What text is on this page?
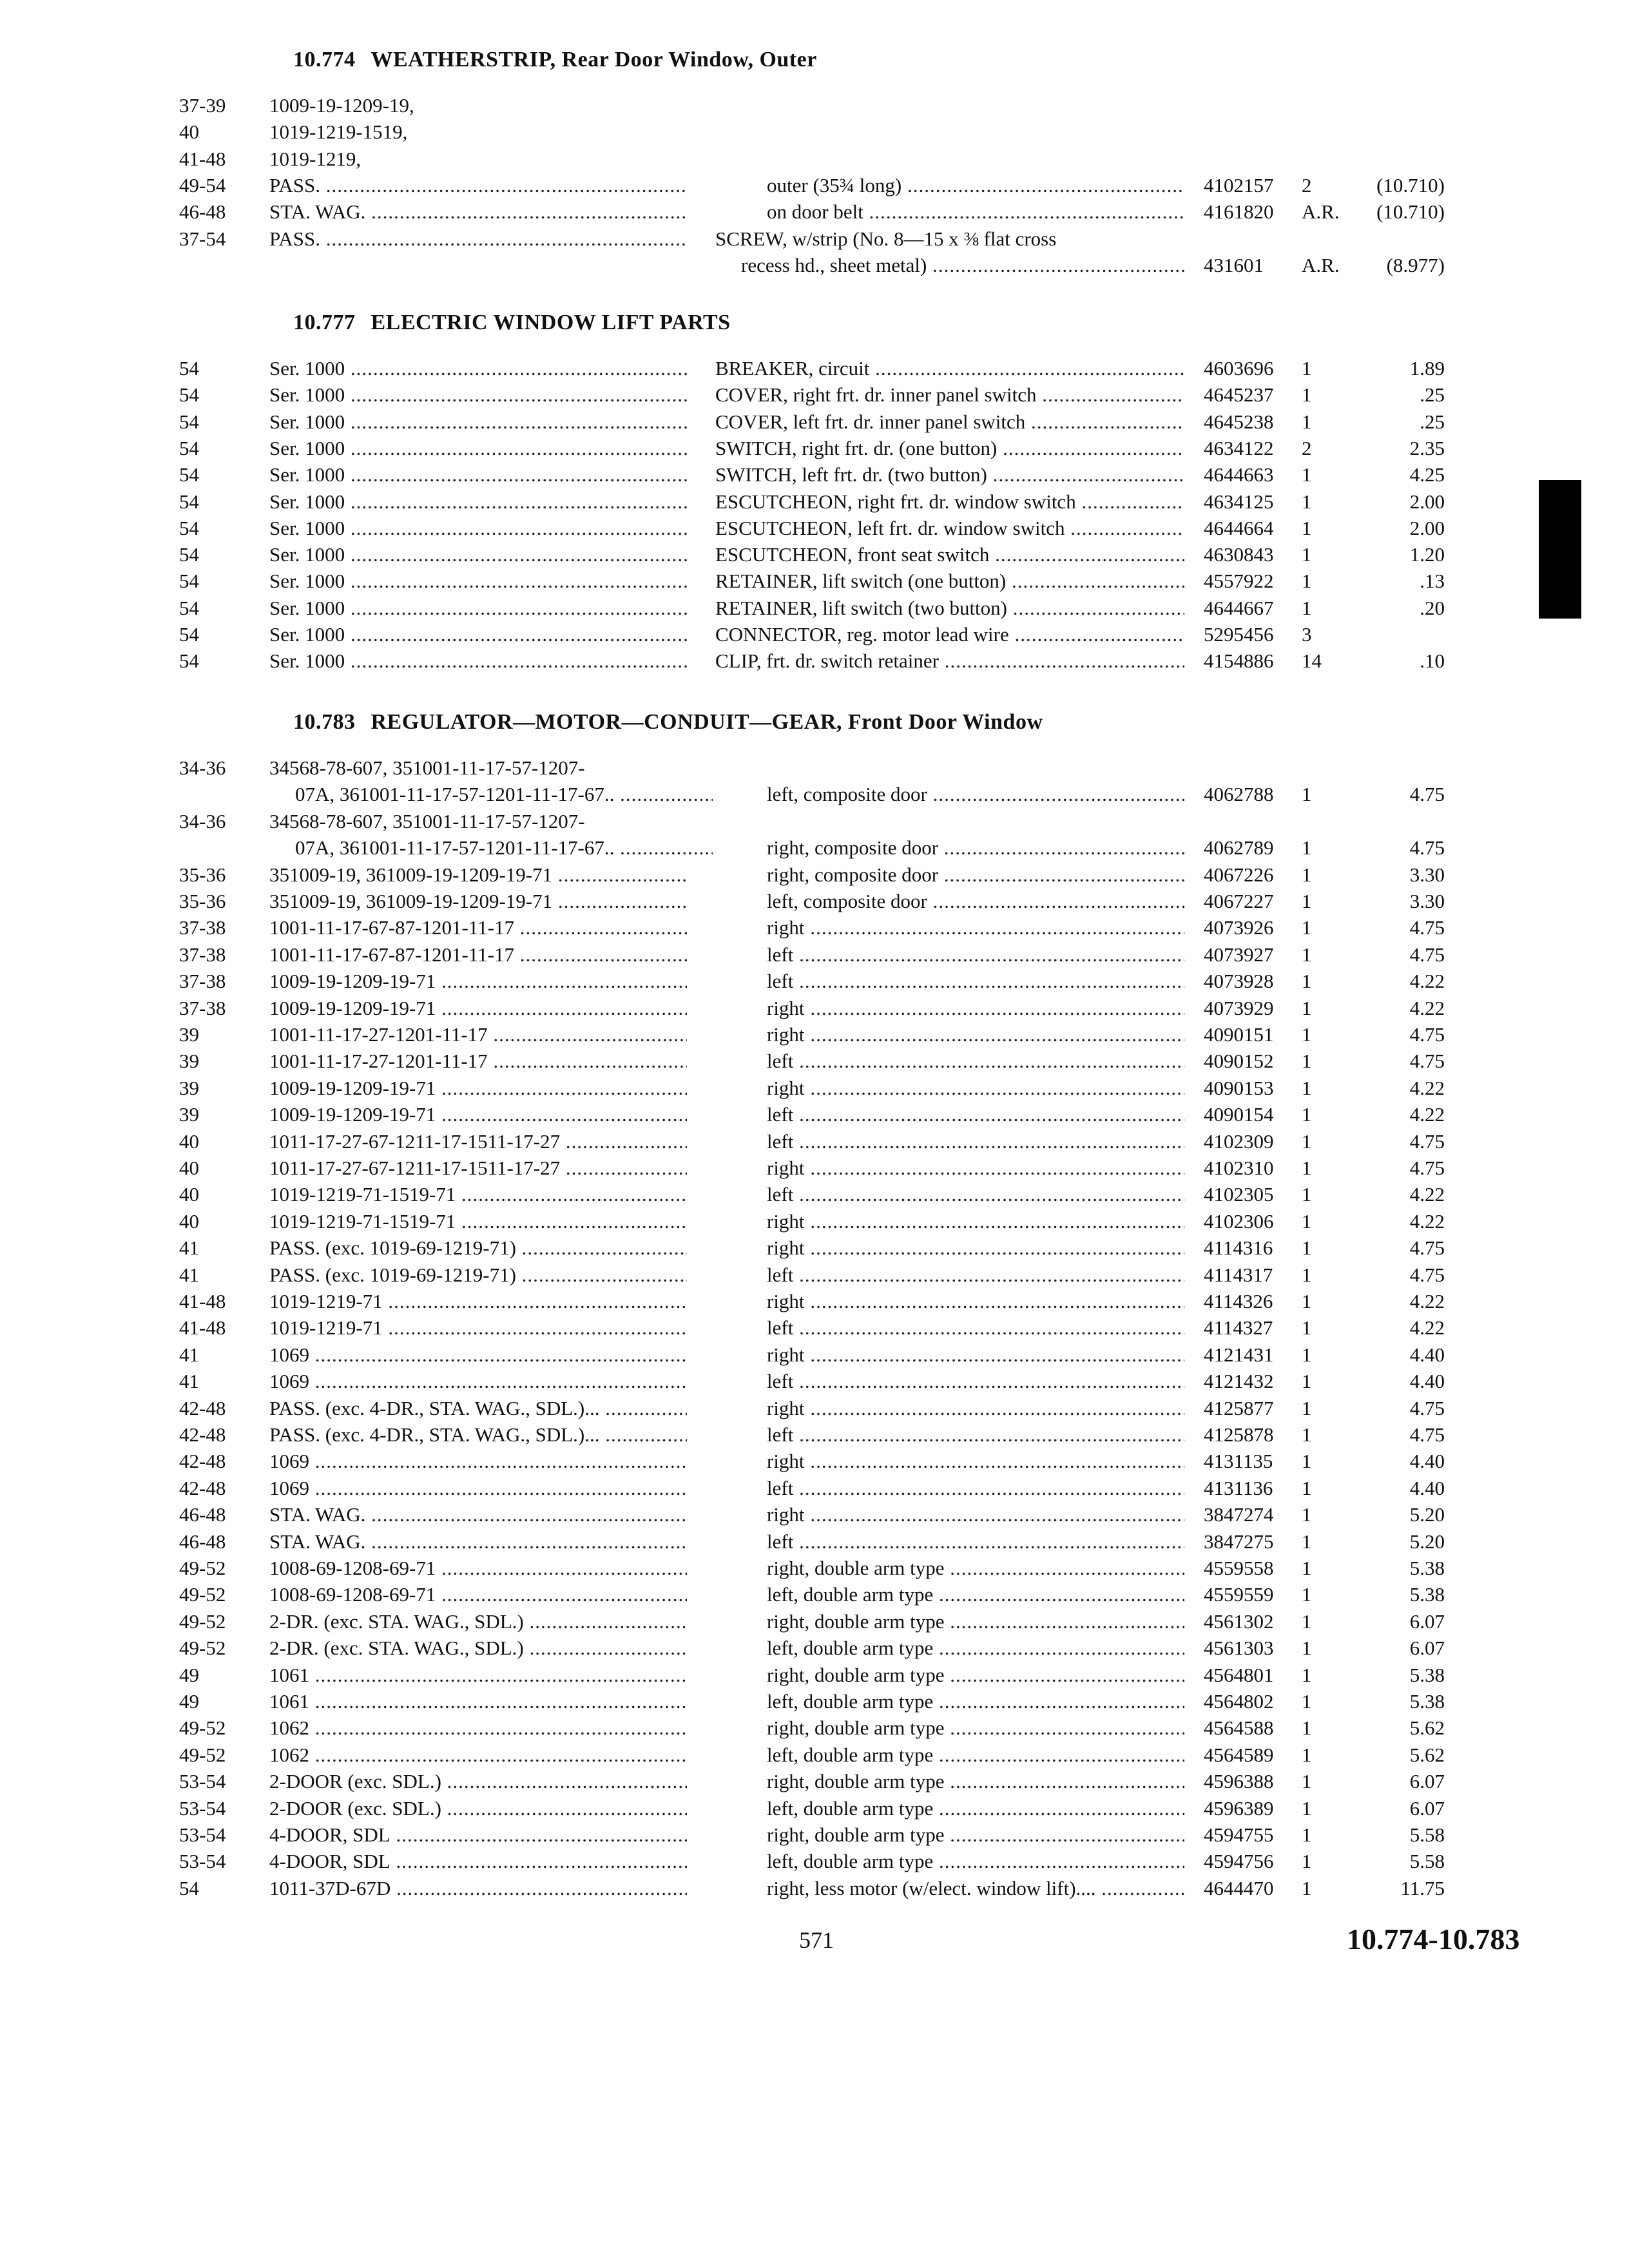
10.774 WEATHERSTRIP, Rear Door Window, Outer
37-39 1009-19-1209-19,
40	1019-1219-1519,
41-48 1019-1219,
49-54 PASS. .....	outer (35¾ long) .....	4102157 2	(10.710)
46-48 STA. WAG. .....	on door belt .....	4161820 A.R.	(10.710)
37-54 PASS. .....	SCREW, w/strip (No. 8—15 x ⅜ flat cross
recess hd., sheet metal) .....	431601 A.R.	(8.977)
10.777 ELECTRIC WINDOW LIFT PARTS
54	Ser. 1000 .....	BREAKER, circuit .....	4603696 1	1.89
54	Ser. 1000 .....	COVER, right frt. dr. inner panel switch .....	4645237 1	.25
54	Ser. 1000 .....	COVER, left frt. dr. inner panel switch .....	4645238 1	.25
54	Ser. 1000 .....	SWITCH, right frt. dr. (one button) .....	4634122 2	2.35
54	Ser. 1000 .....	SWITCH, left frt. dr. (two button) .....	4644663 1	4.25
54	Ser. 1000 .....	ESCUTCHEON, right frt. dr. window switch .....	4634125 1	2.00
54	Ser. 1000 .....	ESCUTCHEON, left frt. dr. window switch .....	4644664 1	2.00
54	Ser. 1000 .....	ESCUTCHEON, front seat switch .....	4630843 1	1.20
54	Ser. 1000 .....	RETAINER, lift switch (one button) .....	4557922 1	.13
54	Ser. 1000 .....	RETAINER, lift switch (two button) .....	4644667 1	.20
54	Ser. 1000 .....	CONNECTOR, reg. motor lead wire .....	5295456 3
54	Ser. 1000 .....	CLIP, frt. dr. switch retainer .....	4154886 14	.10
10.783 REGULATOR—MOTOR—CONDUIT—GEAR, Front Door Window
34-36 34568-78-607, 351001-11-17-57-1207-
07A, 361001-11-17-57-1201-11-17-67.. .....	left, composite door .....	4062788 1	4.75
34-36 34568-78-607, 351001-11-17-57-1207-
07A, 361001-11-17-57-1201-11-17-67.. .....	right, composite door .....	4062789 1	4.75
35-36 351009-19, 361009-19-1209-19-71 .....	right, composite door .....	4067226 1	3.30
35-36 351009-19, 361009-19-1209-19-71 .....	left, composite door .....	4067227 1	3.30
37-38 1001-11-17-67-87-1201-11-17 .....	right .....	4073926 1	4.75
37-38 1001-11-17-67-87-1201-11-17 .....	left .....	4073927 1	4.75
37-38 1009-19-1209-19-71 .....	left .....	4073928 1	4.22
37-38 1009-19-1209-19-71 .....	right .....	4073929 1	4.22
39	1001-11-17-27-1201-11-17 .....	right .....	4090151 1	4.75
39	1001-11-17-27-1201-11-17 .....	left .....	4090152 1	4.75
39	1009-19-1209-19-71 .....	right .....	4090153 1	4.22
39	1009-19-1209-19-71 .....	left .....	4090154 1	4.22
40	1011-17-27-67-1211-17-1511-17-27 .....	left .....	4102309 1	4.75
40	1011-17-27-67-1211-17-1511-17-27 .....	right .....	4102310 1	4.75
40	1019-1219-71-1519-71 .....	left .....	4102305 1	4.22
40	1019-1219-71-1519-71 .....	right .....	4102306 1	4.22
41	PASS. (exc. 1019-69-1219-71) .....	right .....	4114316 1	4.75
41	PASS. (exc. 1019-69-1219-71) .....	left .....	4114317 1	4.75
41-48 1019-1219-71 .....	right .....	4114326 1	4.22
41-48 1019-1219-71 .....	left .....	4114327 1	4.22
41	1069 .....	right .....	4121431 1	4.40
41	1069 .....	left .....	4121432 1	4.40
42-48 PASS. (exc. 4-DR., STA. WAG., SDL.)... .....	right .....	4125877 1	4.75
42-48 PASS. (exc. 4-DR., STA. WAG., SDL.)... .....	left .....	4125878 1	4.75
42-48 1069 .....	right .....	4131135 1	4.40
42-48 1069 .....	left .....	4131136 1	4.40
46-48 STA. WAG. .....	right .....	3847274 1	5.20
46-48 STA. WAG. .....	left .....	3847275 1	5.20
49-52 1008-69-1208-69-71 .....	right, double arm type .....	4559558 1	5.38
49-52 1008-69-1208-69-71 .....	left, double arm type .....	4559559 1	5.38
49-52 2-DR. (exc. STA. WAG., SDL.) .....	right, double arm type .....	4561302 1	6.07
49-52 2-DR. (exc. STA. WAG., SDL.) .....	left, double arm type .....	4561303 1	6.07
49	1061 .....	right, double arm type .....	4564801 1	5.38
49	1061 .....	left, double arm type .....	4564802 1	5.38
49-52 1062 .....	right, double arm type .....	4564588 1	5.62
49-52 1062 .....	left, double arm type .....	4564589 1	5.62
53-54 2-DOOR (exc. SDL.) .....	right, double arm type .....	4596388 1	6.07
53-54 2-DOOR (exc. SDL.) .....	left, double arm type .....	4596389 1	6.07
53-54 4-DOOR, SDL .....	right, double arm type .....	4594755 1	5.58
53-54 4-DOOR, SDL .....	left, double arm type .....	4594756 1	5.58
54	1011-37D-67D .....	right, less motor (w/elect. window lift).... .....	4644470 1	11.75
571	10.774-10.783
